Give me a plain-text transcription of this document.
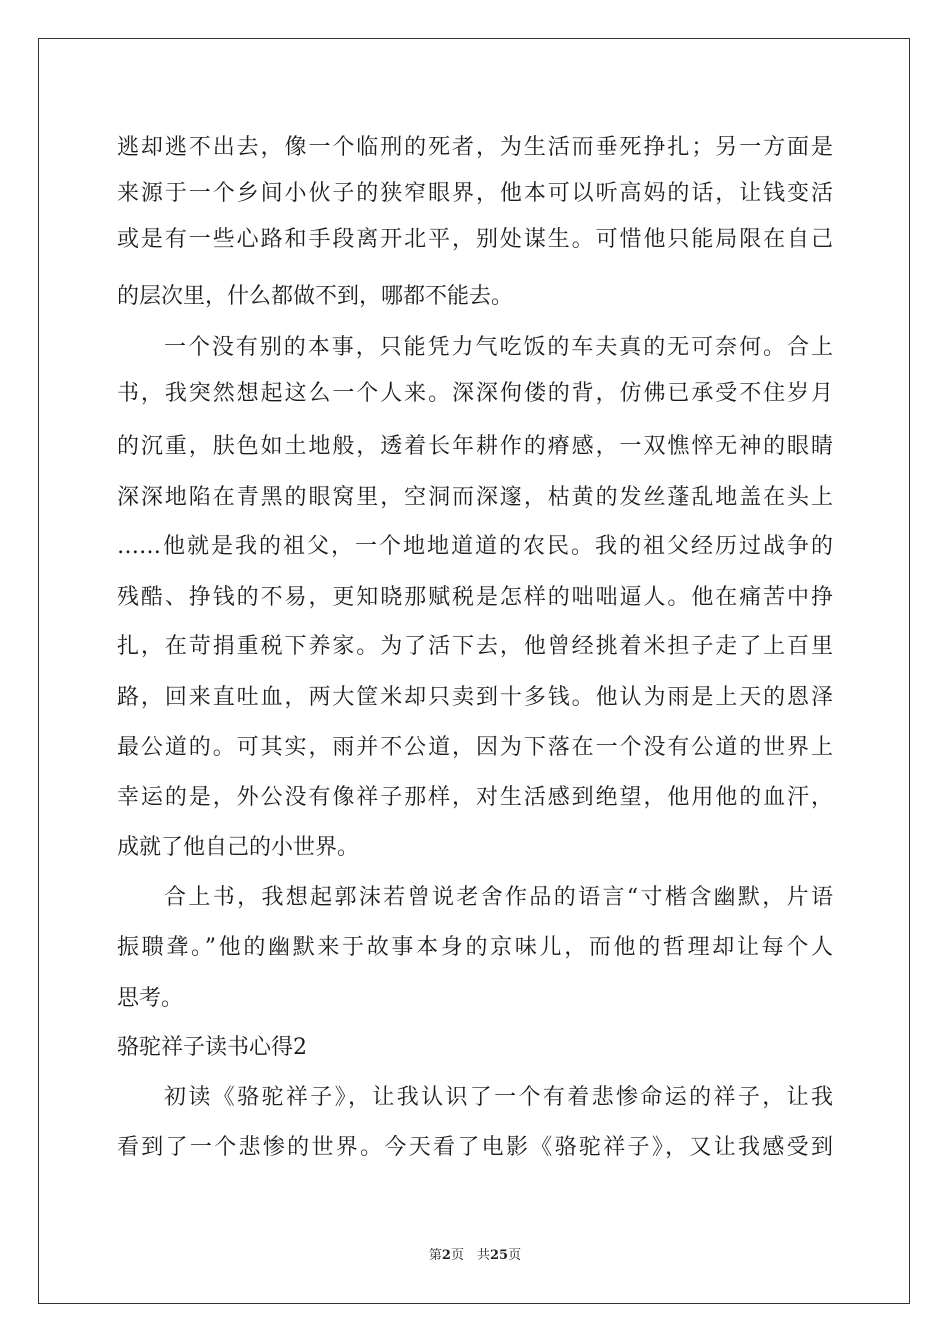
逃却逃不出去，像一个临刑的死者，为生活而垂死挣扎；另一方面是
来源于一个乡间小伙子的狭窄眼界，他本可以听高妈的话，让钱变活
或是有一些心路和手段离开北平，别处谋生。可惜他只能局限在自己
的层次里，什么都做不到，哪都不能去。
一个没有别的本事，只能凭力气吃饭的车夫真的无可奈何。合上
书，我突然想起这么一个人来。深深佝偻的背，仿佛已承受不住岁月
的沉重，肤色如土地般，透着长年耕作的瘠感，一双憔悴无神的眼睛
深深地陷在青黑的眼窝里，空洞而深邃，枯黄的发丝蓬乱地盖在头上
……他就是我的祖父，一个地地道道的农民。我的祖父经历过战争的
残酷、挣钱的不易，更知晓那赋税是怎样的咄咄逼人。他在痛苦中挣
扎，在苛捐重税下养家。为了活下去，他曾经挑着米担子走了上百里
路，回来直吐血，两大筐米却只卖到十多钱。他认为雨是上天的恩泽
最公道的。可其实，雨并不公道，因为下落在一个没有公道的世界上
幸运的是，外公没有像祥子那样，对生活感到绝望，他用他的血汗，
成就了他自己的小世界。
合上书，我想起郭沫若曾说老舍作品的语言“寸楷含幽默，片语
振聩聋。”他的幽默来于故事本身的京味儿，而他的哲理却让每个人
思考。
骆驼祥子读书心得2
初读《骆驼祥子》，让我认识了一个有着悲惨命运的祥子，让我
看到了一个悲惨的世界。今天看了电影《骆驼祥子》，又让我感受到
第2页　共25页
